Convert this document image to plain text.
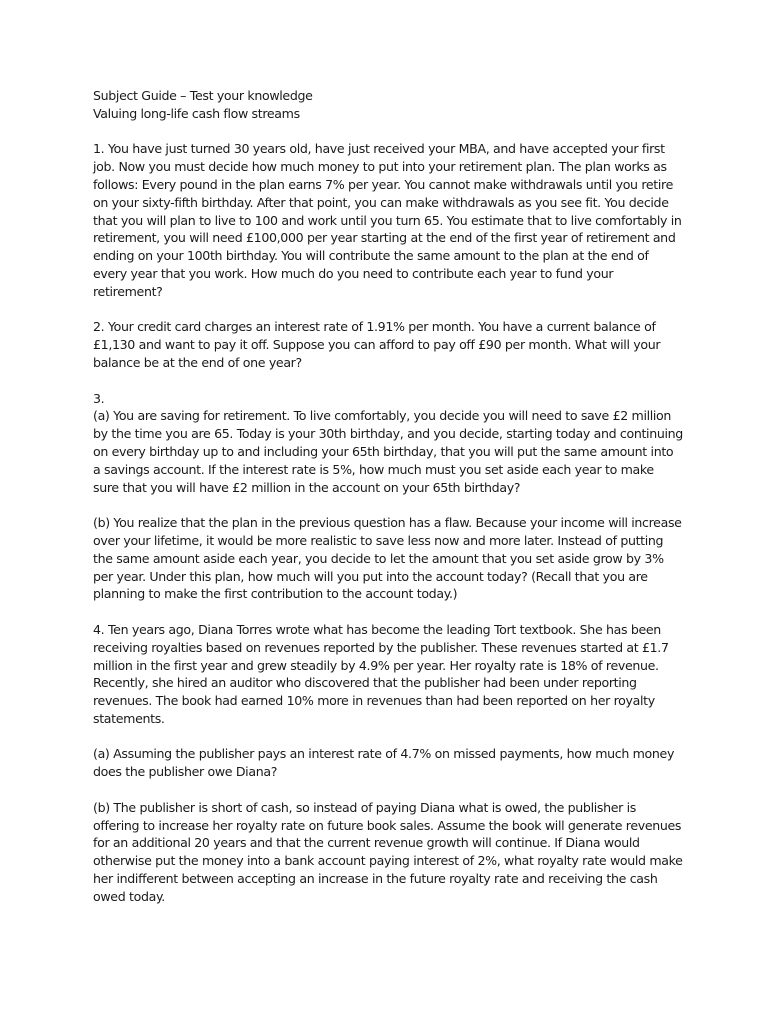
Subject Guide – Test your knowledge

Valuing long-life cash flow streams

1. You have just turned 30 years old, have just received your MBA, and have accepted your first job. Now you must decide how much money to put into your retirement plan. The plan works as follows: Every pound in the plan earns 7% per year. You cannot make withdrawals until you retire on your sixty-fifth birthday. After that point, you can make withdrawals as you see fit. You decide that you will plan to live to 100 and work until you turn 65. You estimate that to live comfortably in retirement, you will need £100,000 per year starting at the end of the first year of retirement and ending on your 100th birthday. You will contribute the same amount to the plan at the end of every year that you work. How much do you need to contribute each year to fund your retirement?

2. Your credit card charges an interest rate of 1.91% per month. You have a current balance of £1,130 and want to pay it off. Suppose you can afford to pay off £90 per month. What will your balance be at the end of one year?

3.

(a) You are saving for retirement. To live comfortably, you decide you will need to save £2 million by the time you are 65. Today is your 30th birthday, and you decide, starting today and continuing on every birthday up to and including your 65th birthday, that you will put the same amount into a savings account. If the interest rate is 5%, how much must you set aside each year to make sure that you will have £2 million in the account on your 65th birthday?

(b) You realize that the plan in the previous question has a flaw. Because your income will increase over your lifetime, it would be more realistic to save less now and more later. Instead of putting the same amount aside each year, you decide to let the amount that you set aside grow by 3% per year. Under this plan, how much will you put into the account today? (Recall that you are planning to make the first contribution to the account today.)

4. Ten years ago, Diana Torres wrote what has become the leading Tort textbook. She has been receiving royalties based on revenues reported by the publisher. These revenues started at £1.7 million in the first year and grew steadily by 4.9% per year. Her royalty rate is 18% of revenue. Recently, she hired an auditor who discovered that the publisher had been under reporting revenues. The book had earned 10% more in revenues than had been reported on her royalty statements.

(a) Assuming the publisher pays an interest rate of 4.7% on missed payments, how much money does the publisher owe Diana?

(b) The publisher is short of cash, so instead of paying Diana what is owed, the publisher is offering to increase her royalty rate on future book sales. Assume the book will generate revenues for an additional 20 years and that the current revenue growth will continue. If Diana would otherwise put the money into a bank account paying interest of 2%, what royalty rate would make her indifferent between accepting an increase in the future royalty rate and receiving the cash owed today.
